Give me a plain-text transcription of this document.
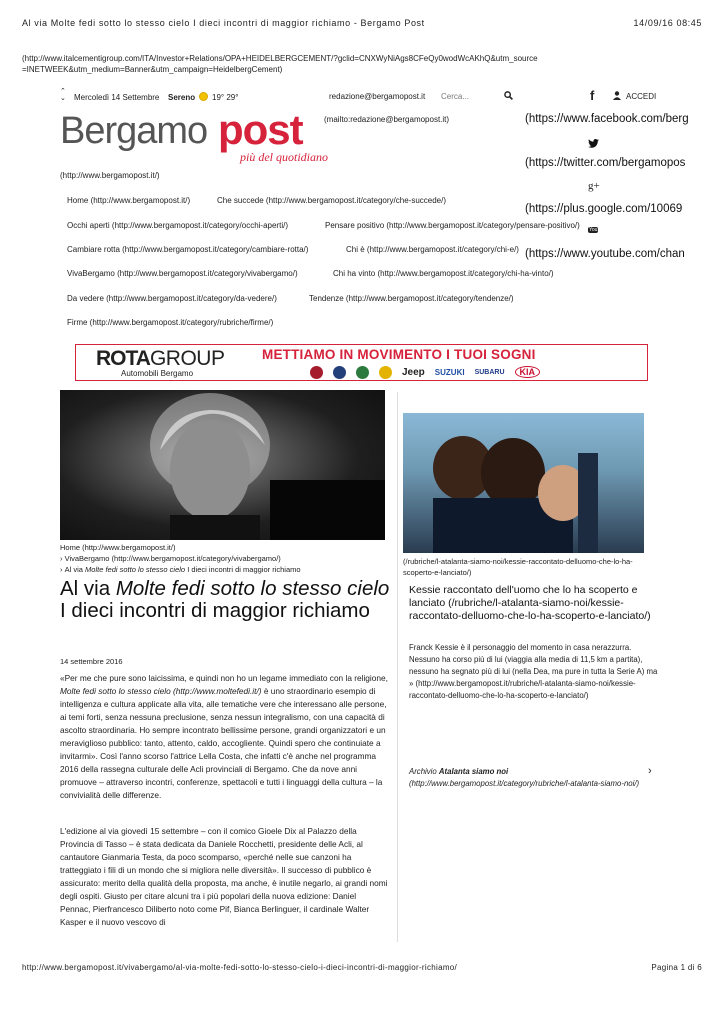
Al via Molte fedi sotto lo stesso cielo I dieci incontri di maggior richiamo - Bergamo Post	14/09/16 08:45
(http://www.italcementigroup.com/ITA/Investor+Relations/OPA+HEIDELBERGCEMENT/?gclid=CNXWyNiAgs8CFeQy0wodWcAKhQ&utm_source=INETWEEK&utm_medium=Banner&utm_campaign=HeidelbergCement)
⌃
⌄ Mercoledì 14 Settembre Sereno 19° 29°	redazione@bergamopost.it Cerca...	f	ACCEDI
(mailto:redazione@bergamopost.it)
Bergamo post
più del quotidiano
(http://www.bergamopost.it/)
(https://www.facebook.com/berg
(https://twitter.com/bergamopos
g+
(https://plus.google.com/10069
You
(https://www.youtube.com/chan
Home (http://www.bergamopost.it/)	Che succede (http://www.bergamopost.it/category/che-succede/)
Occhi aperti (http://www.bergamopost.it/category/occhi-aperti/)	Pensare positivo (http://www.bergamopost.it/category/pensare-positivo/)
Cambiare rotta (http://www.bergamopost.it/category/cambiare-rotta/)	Chi è (http://www.bergamopost.it/category/chi-e/)
VivaBergamo (http://www.bergamopost.it/category/vivabergamo/)	Chi ha vinto (http://www.bergamopost.it/category/chi-ha-vinto/)
Da vedere (http://www.bergamopost.it/category/da-vedere/)	Tendenze (http://www.bergamopost.it/category/tendenze/)
Firme (http://www.bergamopost.it/category/rubriche/firme/)
ROTAGROUP
Automobili Bergamo
METTIAMO IN MOVIMENTO I TUOI SOGNI
Jeep SUZUKI SUBARU	KIA
Home (http://www.bergamopost.it/)
› VivaBergamo (http://www.bergamopost.it/category/vivabergamo/)
› Al via Molte fedi sotto lo stesso cielo I dieci incontri di maggior richiamo
Al via Molte fedi sotto lo stesso cielo
I dieci incontri di maggior richiamo
14 settembre 2016
«Per me che pure sono laicissima, e quindi non ho un legame immediato con la religione, Molte fedi sotto lo stesso cielo (http://www.moltefedi.it/) è uno straordinario esempio di intelligenza e cultura applicate alla vita, alle tematiche vere che interessano alle persone, ai temi forti, senza nessuna preclusione, senza nessun integralismo, con una capacità di ascolto straordinaria. Ho sempre incontrato bellissime persone, grandi organizzatori e un meraviglioso pubblico: tanto, attento, caldo, accogliente. Quindi spero che continuiate a invitarmi». Così l'anno scorso l'attrice Lella Costa, che infatti c'è anche nel programma 2016 della rassegna culturale delle Acli provinciali di Bergamo. Che da nove anni promuove – attraverso incontri, conferenze, spettacoli e tutti i linguaggi della cultura – la convivialità delle differenze.
L'edizione al via giovedì 15 settembre – con il comico Gioele Dix al Palazzo della Provincia di Tasso – è stata dedicata da Daniele Rocchetti, presidente delle Acli, al cantautore Gianmaria Testa, da poco scomparso, «perché nelle sue canzoni ha tratteggiato i fili di un mondo che si migliora nelle diversità». Il successo di pubblico è assicurato: merito della qualità della proposta, ma anche, è inutile negarlo, ai grandi nomi degli ospiti. Giusto per citare alcuni tra i più popolari della nuova edizione: Daniel Pennac, Pierfrancesco Diliberto noto come Pif, Bianca Berlinguer, il cardinale Walter Kasper e il nuovo vescovo di
(/rubriche/l-atalanta-siamo-noi/kessie-raccontato-delluomo-che-lo-ha-scoperto-e-lanciato/)
Kessie raccontato dell'uomo che lo ha scoperto e lanciato (/rubriche/l-atalanta-siamo-noi/kessie-raccontato-delluomo-che-lo-ha-scoperto-e-lanciato/)
Franck Kessie è il personaggio del momento in casa nerazzurra. Nessuno ha corso più di lui (viaggia alla media di 11,5 km a partita), nessuno ha segnato più di lui (nella Dea, ma pure in tutta la Serie A) ma » (http://www.bergamopost.it/rubriche/l-atalanta-siamo-noi/kessie-raccontato-delluomo-che-lo-ha-scoperto-e-lanciato/)
Archivio Atalanta siamo noi
(http://www.bergamopost.it/category/rubriche/l-atalanta-siamo-noi/)
›
http://www.bergamopost.it/vivabergamo/al-via-molte-fedi-sotto-lo-stesso-cielo-i-dieci-incontri-di-maggior-richiamo/	Pagina 1 di 6
